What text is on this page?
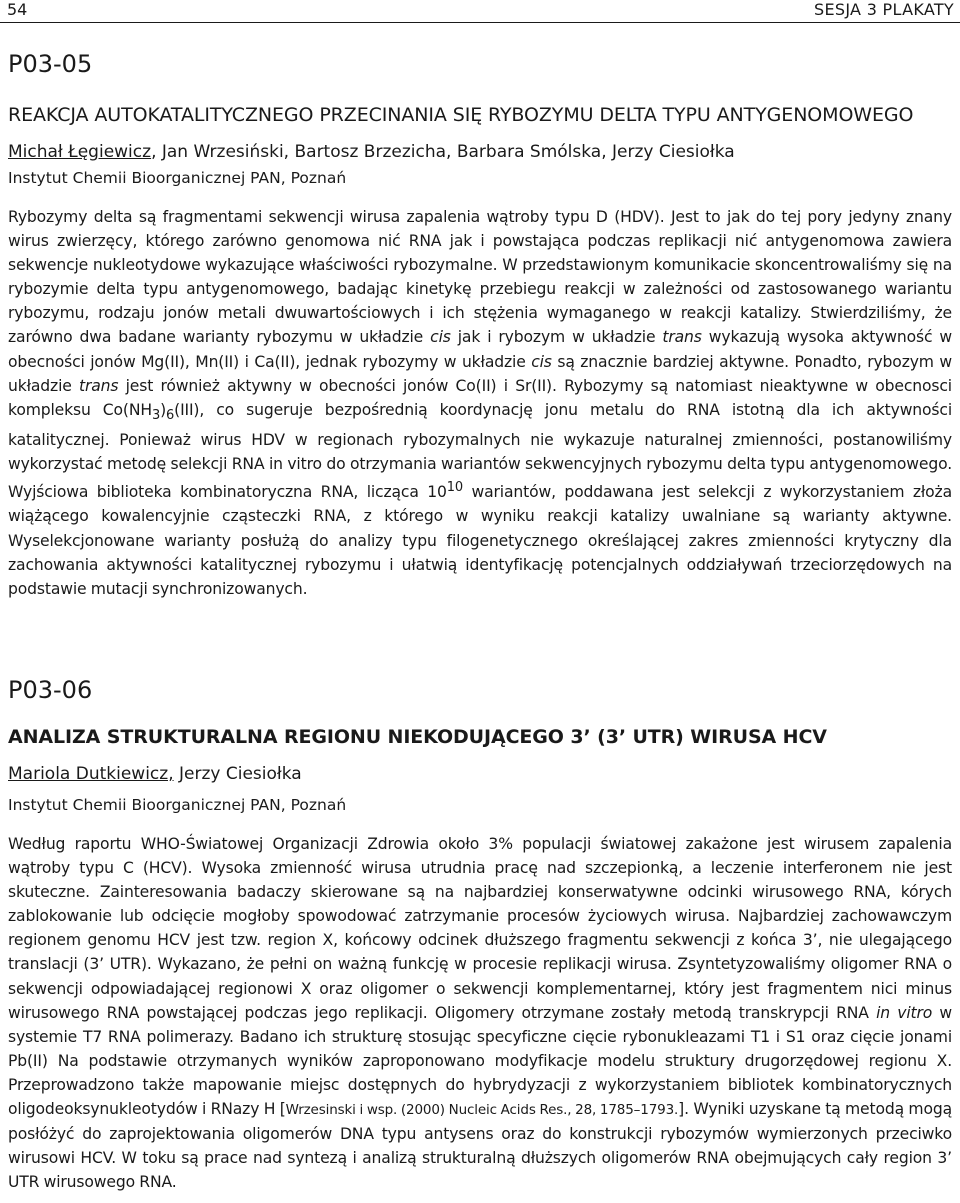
54	SESJA 3 PLAKATY

P03-05

REAKCJA AUTOKATALITYCZNEGO PRZECINANIA SIĘ RYBOZYMU DELTA TYPU ANTYGENOMOWEGO

Michał Łęgiewicz, Jan Wrzesiński, Bartosz Brzezicha, Barbara Smólska, Jerzy Ciesiołka

Instytut Chemii Bioorganicznej PAN, Poznań

Rybozymy delta są fragmentami sekwencji wirusa zapalenia wątroby typu D (HDV). Jest to jak do tej pory jedyny znany wirus zwierzęcy, którego zarówno genomowa nić RNA jak i powstająca podczas replikacji nić antygenomowa zawiera sekwencje nukleotydowe wykazujące właściwości rybozymalne. W przedstawionym komunikacie skoncentrowaliśmy się na rybozymie delta typu antygenomowego, badając kinetykę przebiegu reakcji w zależności od zastosowanego wariantu rybozymu, rodzaju jonów metali dwuwartościowych i ich stężenia wymaganego w reakcji katalizy. Stwierdziliśmy, że zarówno dwa badane warianty rybozymu w układzie cis jak i rybozym w układzie trans wykazują wysoka aktywność w obecności jonów Mg(II), Mn(II) i Ca(II), jednak rybozymy w układzie cis są znacznie bardziej aktywne. Ponadto, rybozym w układzie trans jest również aktywny w obecności jonów Co(II) i Sr(II). Rybozymy są natomiast nieaktywne w obecnosci kompleksu $Co(NH_3)_6(III)$, co sugeruje bezpośrednią koordynację jonu metalu do RNA istotną dla ich aktywności katalitycznej. Ponieważ wirus HDV w regionach rybozymalnych nie wykazuje naturalnej zmienności, postanowiliśmy wykorzystać metodę selekcji RNA in vitro do otrzymania wariantów sekwencyjnych rybozymu delta typu antygenomowego. Wyjściowa biblioteka kombinatoryczna RNA, licząca $10^{10}$ wariantów, poddawana jest selekcji z wykorzystaniem złoża wiążącego kowalencyjnie cząsteczki RNA, z którego w wyniku reakcji katalizy uwalniane są warianty aktywne. Wyselekcjonowane warianty posłużą do analizy typu filogenetycznego określającej zakres zmienności krytyczny dla zachowania aktywności katalitycznej rybozymu i ułatwią identyfikację potencjalnych oddziaływań trzeciorzędowych na podstawie mutacji synchronizowanych.

P03-06

ANALIZA STRUKTURALNA REGIONU NIEKODUJĄCEGO 3’ (3’ UTR) WIRUSA HCV

Mariola Dutkiewicz, Jerzy Ciesiołka

Instytut Chemii Bioorganicznej PAN, Poznań

Według raportu WHO-Światowej Organizacji Zdrowia około 3% populacji światowej zakażone jest wirusem zapalenia wątroby typu C (HCV). Wysoka zmienność wirusa utrudnia pracę nad szczepionką, a leczenie interferonem nie jest skuteczne. Zainteresowania badaczy skierowane są na najbardziej konserwatywne odcinki wirusowego RNA, kórych zablokowanie lub odcięcie mogłoby spowodować zatrzymanie procesów życiowych wirusa. Najbardziej zachowawczym regionem genomu HCV jest tzw. region X, końcowy odcinek dłuższego fragmentu sekwencji z końca 3’, nie ulegającego translacji (3’ UTR). Wykazano, że pełni on ważną funkcję w procesie replikacji wirusa. Zsyntetyzowaliśmy oligomer RNA o sekwencji odpowiadającej regionowi X oraz oligomer o sekwencji komplementarnej, który jest fragmentem nici minus wirusowego RNA powstającej podczas jego replikacji. Oligomery otrzymane zostały metodą transkrypcji RNA in vitro w systemie T7 RNA polimerazy. Badano ich strukturę stosując specyficzne cięcie rybonukleazami T1 i S1 oraz cięcie jonami Pb(II) Na podstawie otrzymanych wyników zaproponowano modyfikacje modelu struktury drugorzędowej regionu X. Przeprowadzono także mapowanie miejsc dostępnych do hybrydyzacji z wykorzystaniem bibliotek kombinatorycznych oligodeoksynukleotydów i RNazy H [Wrzesinski i wsp. (2000) Nucleic Acids Res., 28, 1785–1793.]. Wyniki uzyskane tą metodą mogą posłóżyć do zaprojektowania oligomerów DNA typu antysens oraz do konstrukcji rybozymów wymierzonych przeciwko wirusowi HCV. W toku są prace nad syntezą i analizą strukturalną dłuższych oligomerów RNA obejmujących cały region 3’ UTR wirusowego RNA.
